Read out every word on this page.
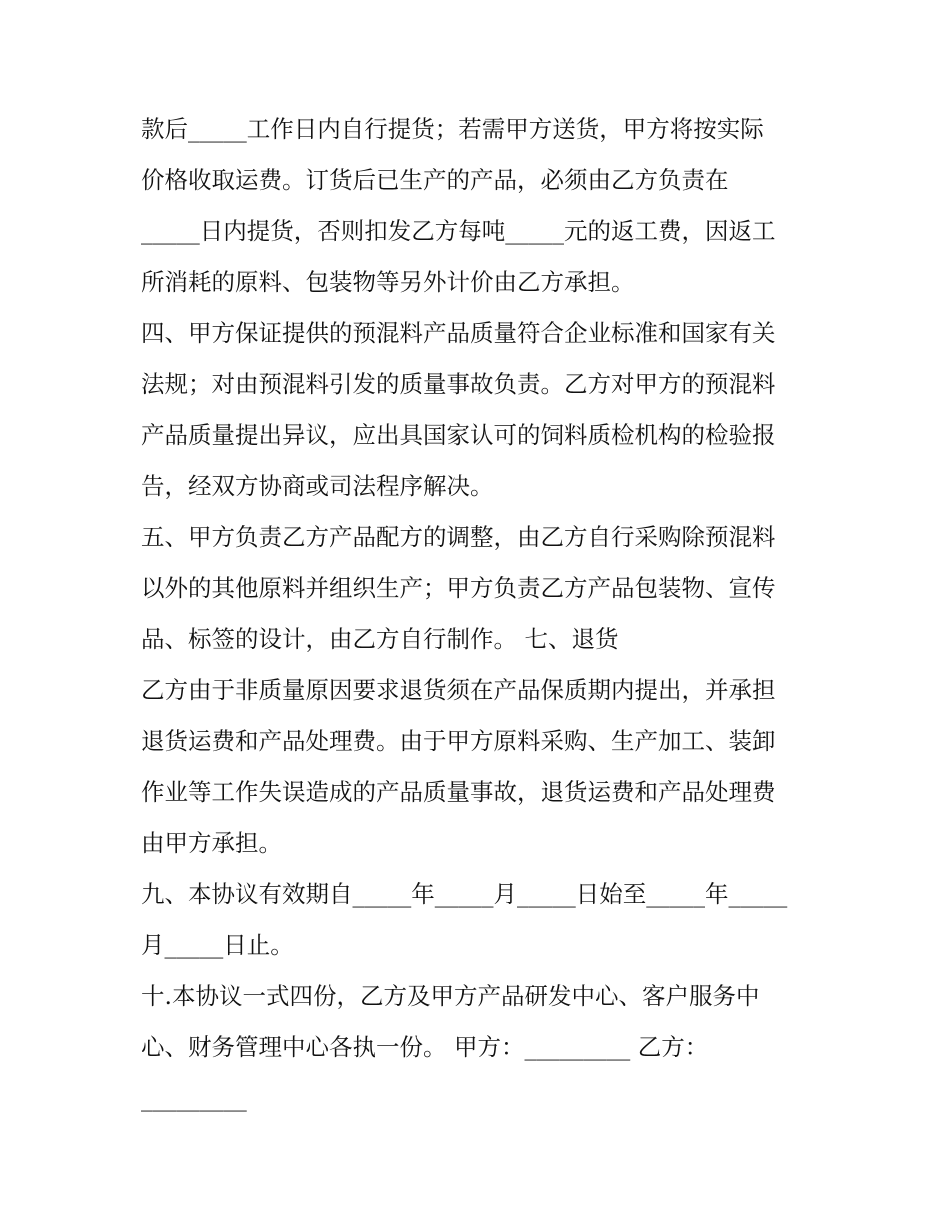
款后_____工作日内自行提货；若需甲方送货，甲方将按实际
价格收取运费。订货后已生产的产品，必须由乙方负责在
_____日内提货，否则扣发乙方每吨_____元的返工费，因返工
所消耗的原料、包装物等另外计价由乙方承担。
四、甲方保证提供的预混料产品质量符合企业标准和国家有关
法规；对由预混料引发的质量事故负责。乙方对甲方的预混料
产品质量提出异议，应出具国家认可的饲料质检机构的检验报
告，经双方协商或司法程序解决。
五、甲方负责乙方产品配方的调整，由乙方自行采购除预混料
以外的其他原料并组织生产；甲方负责乙方产品包装物、宣传
品、标签的设计，由乙方自行制作。 七、退货
乙方由于非质量原因要求退货须在产品保质期内提出，并承担
退货运费和产品处理费。由于甲方原料采购、生产加工、装卸
作业等工作失误造成的产品质量事故，退货运费和产品处理费
由甲方承担。
九、本协议有效期自_____年_____月_____日始至_____年_____
月_____日止。
十.本协议一式四份，乙方及甲方产品研发中心、客户服务中
心、财务管理中心各执一份。 甲方：_________ 乙方：
_________
